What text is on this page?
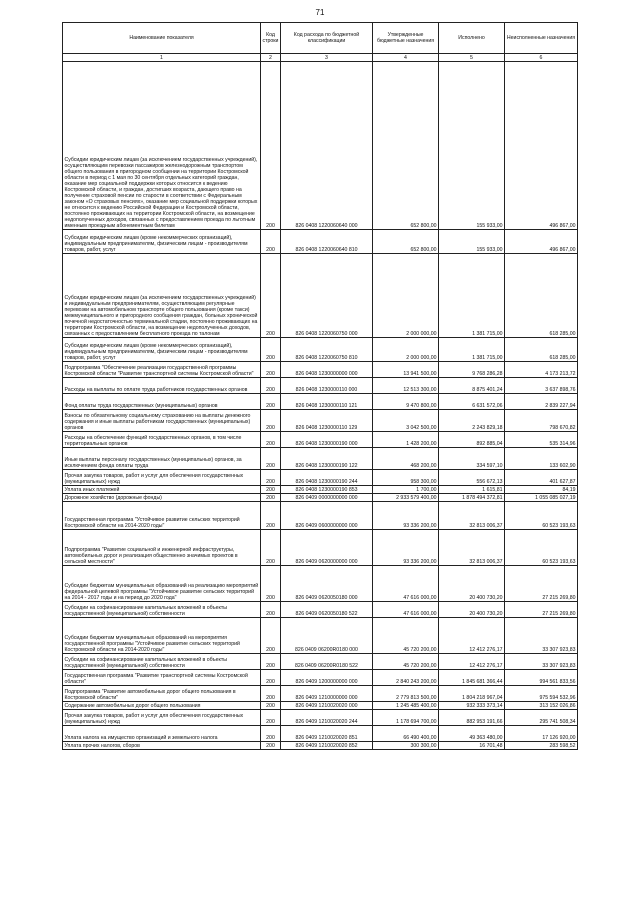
71
Наименование показателя	Код строки	Код расхода по бюджетной классификации	Утвержденные бюджетные назначения	Исполнено	Неисполненные назначения
1	2	3	4	5	6
Субсидии юридическим лицам (за исключением государственных учреждений), осуществляющим перевозки пассажиров железнодорожным транспортом общего пользования в пригородном сообщении на территории Костромской области в период с 1 мая по 30 сентября отдельных категорий граждан, оказание мер социальной поддержки которых относится к ведению Костромской области, и граждан, достигших возраста, дающего право на получение страховой пенсии по старости в соответствии с Федеральным законом «О страховых пенсиях», оказание мер социальной поддержки которых не относится к ведению Российской Федерации и Костромской области, постоянно проживающих на территории Костромской области, на возмещение недополученных доходов, связанных с предоставлением проезда по льготным именным проездным абонементным билетам	200	826 0408 1220060640 000	652 800,00	155 933,00	496 867,00
Субсидии юридическим лицам (кроме некоммерческих организаций), индивидуальным предпринимателям, физическим лицам - производителям товаров, работ, услуг	200	826 0408 1220060640 810	652 800,00	155 933,00	496 867,00
Субсидии юридическим лицам (за исключением государственных учреждений) и индивидуальным предпринимателям, осуществляющим регулярные перевозки на автомобильном транспорте общего пользования (кроме такси) межмуниципального и пригородного сообщения граждан, больных хронической почечной недостаточностью терминальной стадии, постоянно проживающих на территории Костромской области, на возмещение недополученных доходов, связанных с предоставлением бесплатного проезда по талонам	200	826 0408 1220060750 000	2 000 000,00	1 381 715,00	618 285,00
Субсидии юридическим лицам (кроме некоммерческих организаций), индивидуальным предпринимателям, физическим лицам - производителям товаров, работ, услуг	200	826 0408 1220060750 810	2 000 000,00	1 381 715,00	618 285,00
Подпрограмма "Обеспечение реализации государственной программы Костромской области "Развитие транспортной системы Костромской области"	200	826 0408 1230000000 000	13 941 500,00	9 768 286,28	4 173 213,72
Расходы на выплаты по оплате труда работников государственных органов	200	826 0408 1230000110 000	12 513 300,00	8 875 401,24	3 637 898,76
Фонд оплаты труда государственных (муниципальных) органов	200	826 0408 1230000110 121	9 470 800,00	6 631 572,06	2 839 227,94
Взносы по обязательному социальному страхованию на выплаты денежного содержания и иные выплаты работникам государственных (муниципальных) органов	200	826 0408 1230000110 129	3 042 500,00	2 243 829,18	798 670,82
Расходы на обеспечение функций государственных органов, в том числе территориальных органов	200	826 0408 1230000190 000	1 428 200,00	892 885,04	535 314,96
Иные выплаты персоналу государственных (муниципальных) органов, за исключением фонда оплаты труда	200	826 0408 1230000190 122	468 200,00	334 597,10	133 602,90
Прочая закупка товаров, работ и услуг для обеспечения государственных (муниципальных) нужд	200	826 0408 1230000190 244	958 300,00	556 672,13	401 627,87
Уплата иных платежей	200	826 0408 1230000190 853	1 700,00	1 615,81	84,19
Дорожное хозяйство (дорожные фонды)	200	826 0409 0000000000 000	2 933 579 400,00	1 878 494 372,81	1 055 085 027,19
Государственная программа "Устойчивое развитие сельских территорий Костромской области на 2014-2020 годы"	200	826 0409 0600000000 000	93 336 200,00	32 813 006,37	60 523 193,63
Подпрограмма "Развитие социальной и инженерной инфраструктуры, автомобильных дорог и реализация общественно значимых проектов в сельской местности"	200	826 0409 0620000000 000	93 336 200,00	32 813 006,37	60 523 193,63
Субсидии бюджетам муниципальных образований на реализацию мероприятий федеральной целевой программы "Устойчивое развитие сельских территорий на 2014 - 2017 годы и на период до 2020 года"	200	826 0409 0620050180 000	47 616 000,00	20 400 730,20	27 215 269,80
Субсидии на софинансирование капитальных вложений в объекты государственной (муниципальной) собственности	200	826 0409 0620050180 522	47 616 000,00	20 400 730,20	27 215 269,80
Субсидии бюджетам муниципальных образований на мероприятия государственной программы "Устойчивое развитие сельских территорий Костромской области на 2014-2020 годы"	200	826 0409 06200R0180 000	45 720 200,00	12 412 276,17	33 307 923,83
Субсидии на софинансирование капитальных вложений в объекты государственной (муниципальной) собственности	200	826 0409 06200R0180 522	45 720 200,00	12 412 276,17	33 307 923,83
Государственная программа "Развитие транспортной системы Костромской области"	200	826 0409 1200000000 000	2 840 243 200,00	1 845 681 366,44	994 561 833,56
Подпрограмма "Развитие автомобильных дорог общего пользования в Костромской области"	200	826 0409 1210000000 000	2 779 813 500,00	1 804 218 967,04	975 594 532,96
Содержание автомобильных дорог общего пользования	200	826 0409 1210020020 000	1 245 485 400,00	932 333 373,14	313 152 026,86
Прочая закупка товаров, работ и услуг для обеспечения государственных (муниципальных) нужд	200	826 0409 1210020020 244	1 178 694 700,00	882 953 191,66	295 741 508,34
Уплата налога на имущество организаций и земельного налога	200	826 0409 1210020020 851	66 490 400,00	49 363 480,00	17 126 920,00
Уплата прочих налогов, сборов	200	826 0409 1210020020 852	300 300,00	16 701,48	283 598,52
